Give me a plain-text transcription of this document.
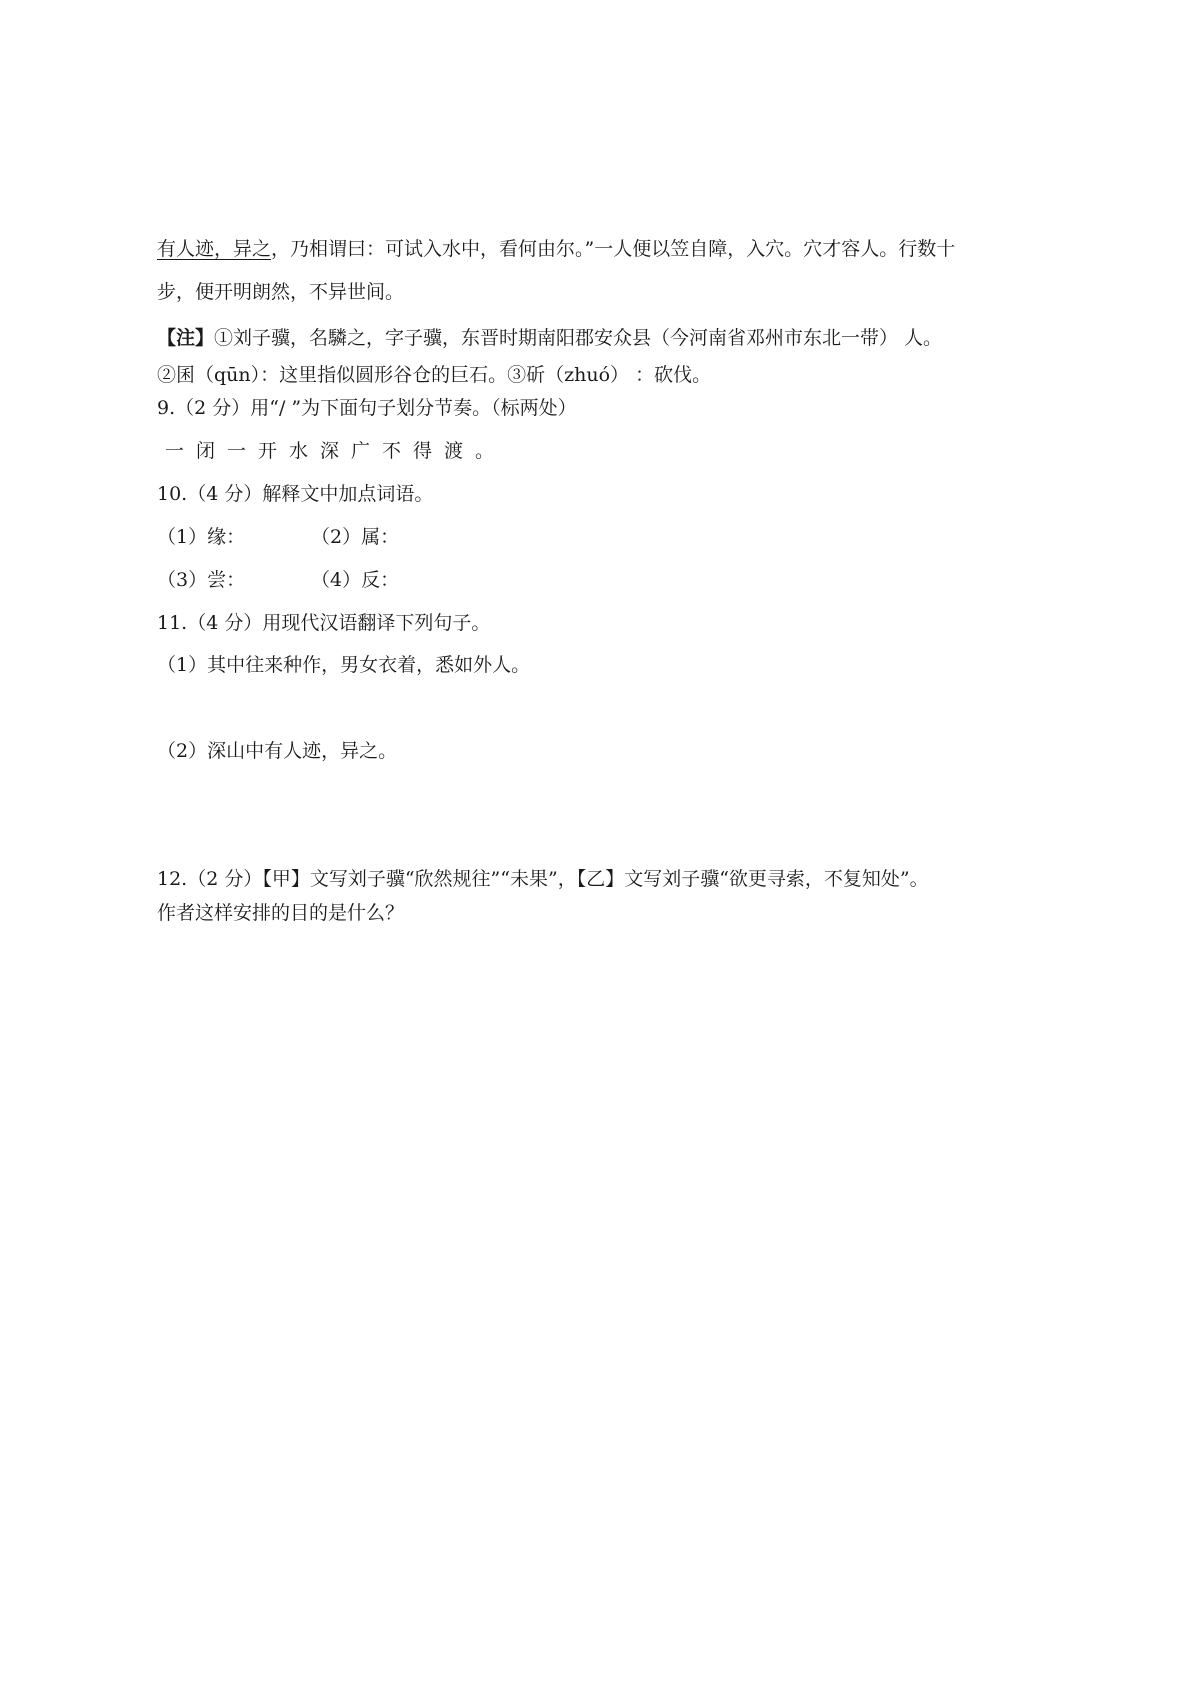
有人迹，异之，乃相谓曰：可试入水中，看何由尔。”一人便以笠自障，入穴。穴才容人。行数十
步，便开明朗然，不异世间。
【注】①刘子骥，名驎之，字子骥，东晋时期南阳郡安众县（今河南省邓州市东北一带） 人。
②囷（qūn）：这里指似圆形谷仓的巨石。③斫（zhuó） ：砍伐。
9.（2 分）用“/ ”为下面句子划分节奏。（标两处）
一闭一开水深广不得渡。
10.（4 分）解释文中加点词语。
（1）缘：	（2）属：
（3）尝：	（4）反：
11.（4 分）用现代汉语翻译下列句子。
（1）其中往来种作，男女衣着，悉如外人。
（2）深山中有人迹，异之。
12.（2 分）【甲】文写刘子骥“欣然规往”“未果”，【乙】文写刘子骥“欲更寻索，不复知处”。
作者这样安排的目的是什么？
